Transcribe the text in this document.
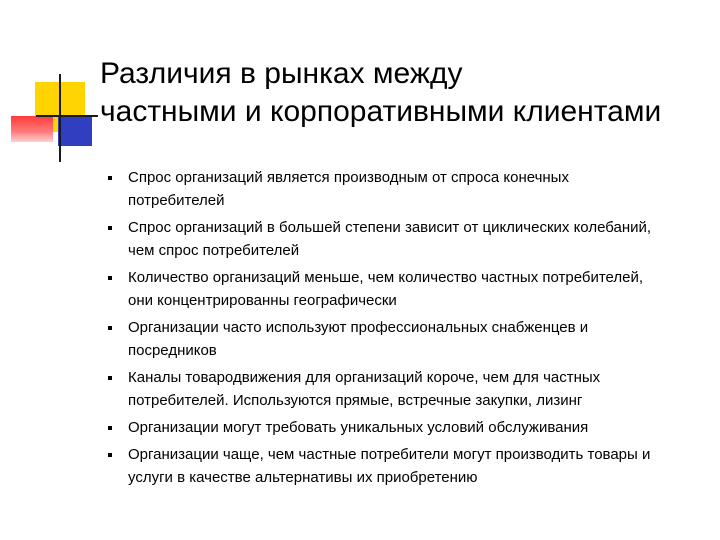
Различия в рынках между
частными и корпоративными клиентами
Спрос организаций является производным от спроса конечных
потребителей
Спрос организаций в большей степени зависит от циклических колебаний,
чем спрос потребителей
Количество организаций меньше, чем количество частных потребителей,
они концентрированны географически
Организации часто используют профессиональных снабженцев и
посредников
Каналы товародвижения для организаций короче, чем для частных
потребителей. Используются прямые, встречные закупки, лизинг
Организации могут требовать уникальных условий обслуживания
Организации чаще, чем частные потребители могут производить товары и
услуги в качестве альтернативы их приобретению
